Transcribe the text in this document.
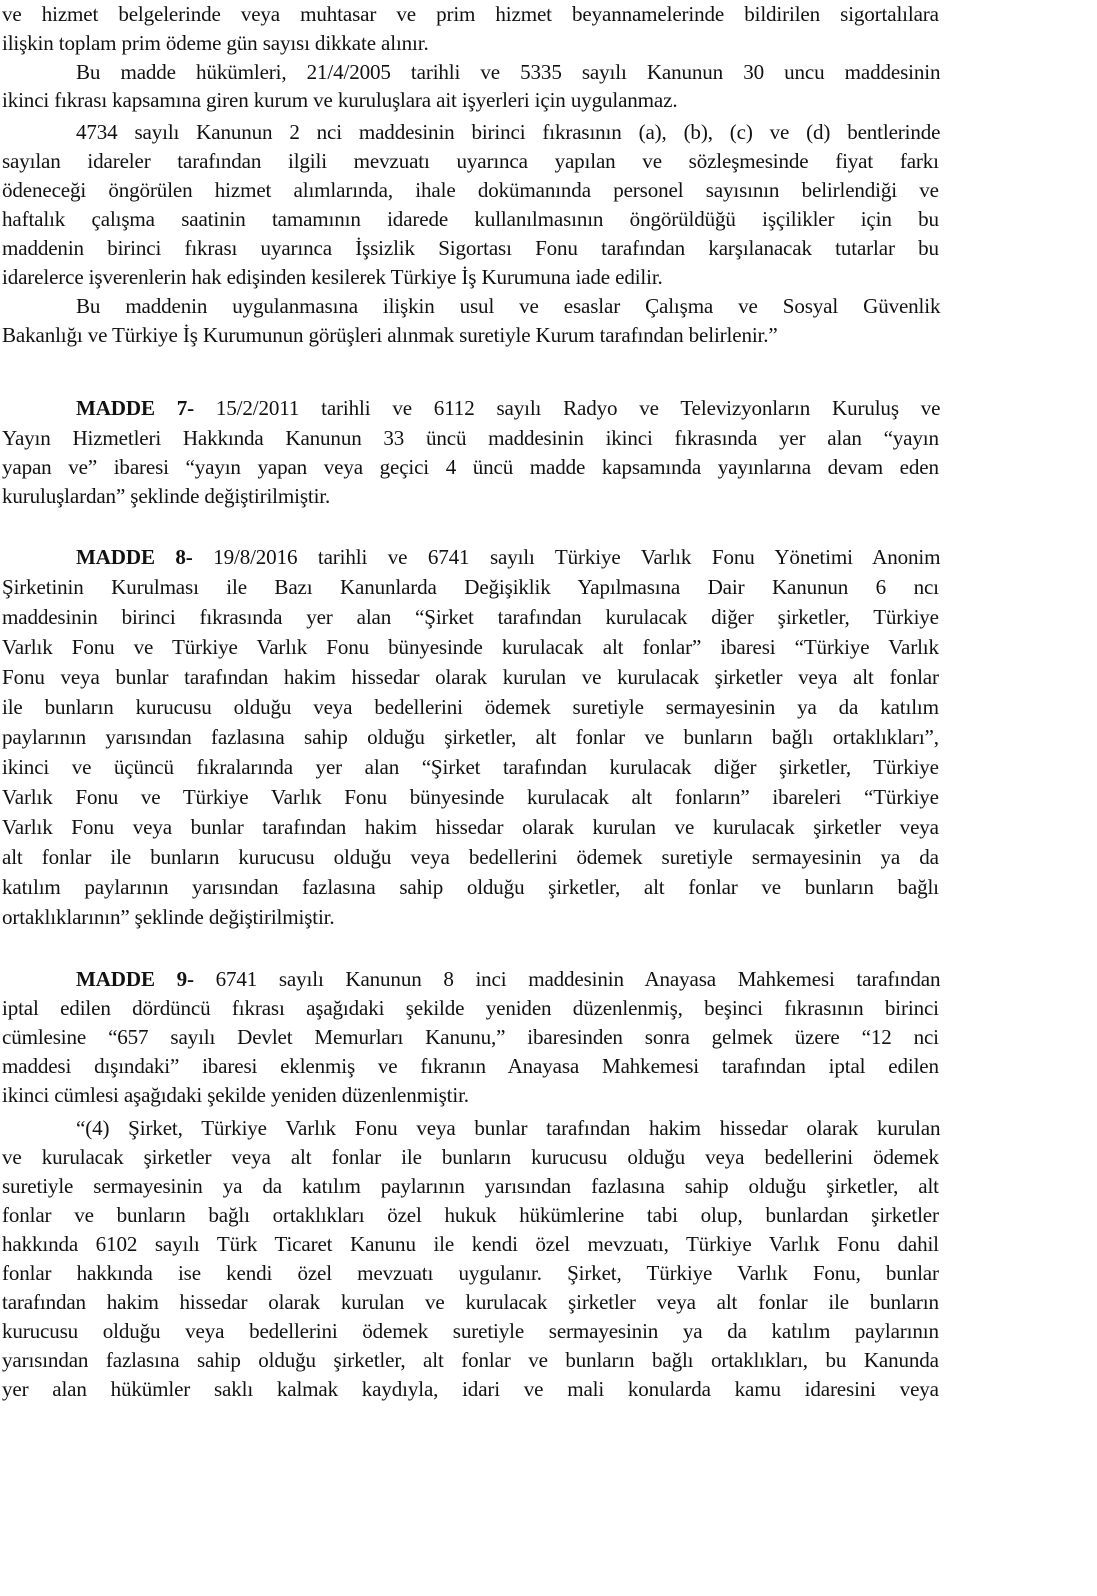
ve hizmet belgelerinde veya muhtasar ve prim hizmet beyannamelerinde bildirilen sigortalılara
ilişkin toplam prim ödeme gün sayısı dikkate alınır.
Bu madde hükümleri, 21/4/2005 tarihli ve 5335 sayılı Kanunun 30 uncu maddesinin
ikinci fıkrası kapsamına giren kurum ve kuruluşlara ait işyerleri için uygulanmaz.
4734 sayılı Kanunun 2 nci maddesinin birinci fıkrasının (a), (b), (c) ve (d) bentlerinde
sayılan idareler tarafından ilgili mevzuatı uyarınca yapılan ve sözleşmesinde fiyat farkı
ödeneceği öngörülen hizmet alımlarında, ihale dokümanında personel sayısının belirlendiği ve
haftalık çalışma saatinin tamamının idarede kullanılmasının öngörüldüğü işçilikler için bu
maddenin birinci fıkrası uyarınca İşsizlik Sigortası Fonu tarafından karşılanacak tutarlar bu
idarelerce işverenlerin hak edişinden kesilerek Türkiye İş Kurumuna iade edilir.
Bu maddenin uygulanmasına ilişkin usul ve esaslar Çalışma ve Sosyal Güvenlik
Bakanlığı ve Türkiye İş Kurumunun görüşleri alınmak suretiyle Kurum tarafından belirlenir.”
MADDE 7- 15/2/2011 tarihli ve 6112 sayılı Radyo ve Televizyonların Kuruluş ve
Yayın Hizmetleri Hakkında Kanunun 33 üncü maddesinin ikinci fıkrasında yer alan “yayın
yapan ve” ibaresi “yayın yapan veya geçici 4 üncü madde kapsamında yayınlarına devam eden
kuruluşlardan” şeklinde değiştirilmiştir.
MADDE 8- 19/8/2016 tarihli ve 6741 sayılı Türkiye Varlık Fonu Yönetimi Anonim
Şirketinin Kurulması ile Bazı Kanunlarda Değişiklik Yapılmasına Dair Kanunun 6 ncı
maddesinin birinci fıkrasında yer alan “Şirket tarafından kurulacak diğer şirketler, Türkiye
Varlık Fonu ve Türkiye Varlık Fonu bünyesinde kurulacak alt fonlar” ibaresi “Türkiye Varlık
Fonu veya bunlar tarafından hakim hissedar olarak kurulan ve kurulacak şirketler veya alt fonlar
ile bunların kurucusu olduğu veya bedellerini ödemek suretiyle sermayesinin ya da katılım
paylarının yarısından fazlasına sahip olduğu şirketler, alt fonlar ve bunların bağlı ortaklıkları”,
ikinci ve üçüncü fıkralarında yer alan “Şirket tarafından kurulacak diğer şirketler, Türkiye
Varlık Fonu ve Türkiye Varlık Fonu bünyesinde kurulacak alt fonların” ibareleri “Türkiye
Varlık Fonu veya bunlar tarafından hakim hissedar olarak kurulan ve kurulacak şirketler veya
alt fonlar ile bunların kurucusu olduğu veya bedellerini ödemek suretiyle sermayesinin ya da
katılım paylarının yarısından fazlasına sahip olduğu şirketler, alt fonlar ve bunların bağlı
ortaklıklarının” şeklinde değiştirilmiştir.
MADDE 9- 6741 sayılı Kanunun 8 inci maddesinin Anayasa Mahkemesi tarafından
iptal edilen dördüncü fıkrası aşağıdaki şekilde yeniden düzenlenmiş, beşinci fıkrasının birinci
cümlesine “657 sayılı Devlet Memurları Kanunu,” ibaresinden sonra gelmek üzere “12 nci
maddesi dışındaki” ibaresi eklenmiş ve fıkranın Anayasa Mahkemesi tarafından iptal edilen
ikinci cümlesi aşağıdaki şekilde yeniden düzenlenmiştir.
“(4) Şirket, Türkiye Varlık Fonu veya bunlar tarafından hakim hissedar olarak kurulan
ve kurulacak şirketler veya alt fonlar ile bunların kurucusu olduğu veya bedellerini ödemek
suretiyle sermayesinin ya da katılım paylarının yarısından fazlasına sahip olduğu şirketler, alt
fonlar ve bunların bağlı ortaklıkları özel hukuk hükümlerine tabi olup, bunlardan şirketler
hakkında 6102 sayılı Türk Ticaret Kanunu ile kendi özel mevzuatı, Türkiye Varlık Fonu dahil
fonlar hakkında ise kendi özel mevzuatı uygulanır. Şirket, Türkiye Varlık Fonu, bunlar
tarafından hakim hissedar olarak kurulan ve kurulacak şirketler veya alt fonlar ile bunların
kurucusu olduğu veya bedellerini ödemek suretiyle sermayesinin ya da katılım paylarının
yarısından fazlasına sahip olduğu şirketler, alt fonlar ve bunların bağlı ortaklıkları, bu Kanunda
yer alan hükümler saklı kalmak kaydıyla, idari ve mali konularda kamu idaresini veya
